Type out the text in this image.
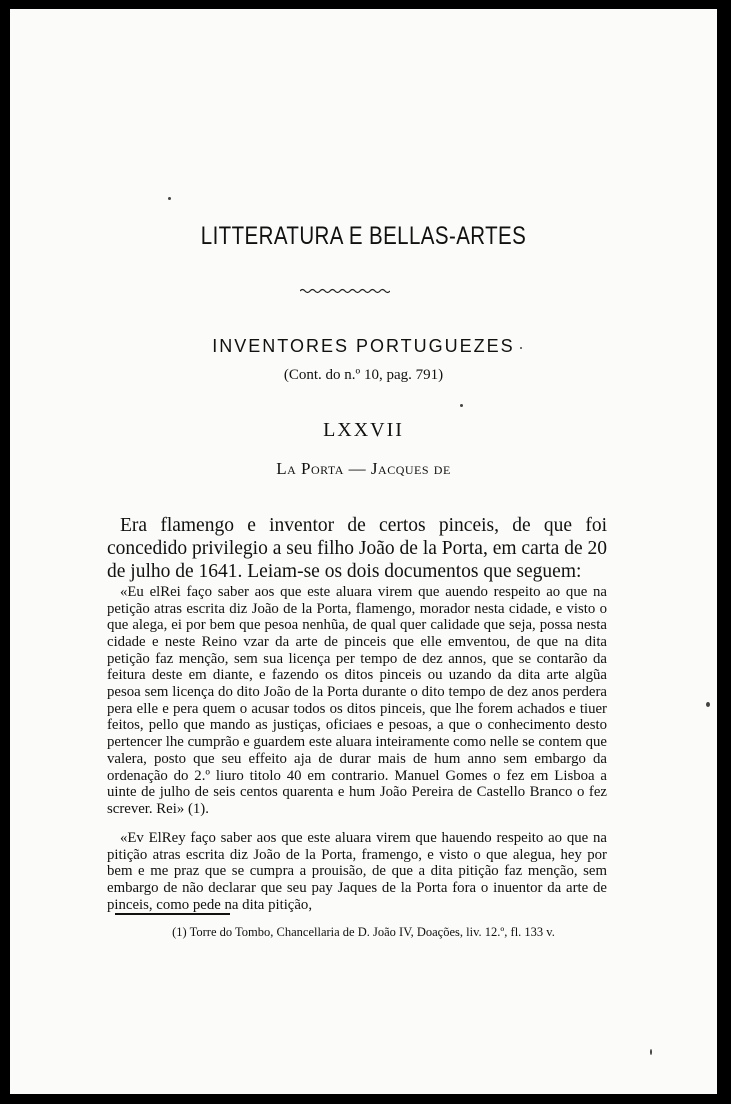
LITTERATURA E BELLAS-ARTES
INVENTORES PORTUGUEZES
(Cont. do n.º 10, pag. 791)
LXXVII
La Porta — Jacques de

Era flamengo e inventor de certos pinceis, de que foi concedido privilegio a seu filho João de la Porta, em carta de 20 de julho de 1641. Leiam-se os dois documentos que seguem:

«Eu elRei faço saber aos que este aluara virem que auendo respeito ao que na petição atras escrita diz João de la Porta, flamengo, morador nesta cidade, e visto o que alega, ei por bem que pesoa nenhũa, de qual quer calidade que seja, possa nesta cidade e neste Reino vzar da arte de pinceis que elle emventou, de que na dita petição faz menção, sem sua licença per tempo de dez annos, que se contarão da feitura deste em diante, e fazendo os ditos pinceis ou uzando da dita arte algũa pesoa sem licença do dito João de la Porta durante o dito tempo de dez anos perdera pera elle e pera quem o acusar todos os ditos pinceis, que lhe forem achados e tiuer feitos, pello que mando as justiças, oficiaes e pesoas, a que o conhecimento desto pertencer lhe cumprão e guardem este aluara inteiramente como nelle se contem que valera, posto que seu effeito aja de durar mais de hum anno sem embargo da ordenação do 2.º liuro titolo 40 em contrario. Manuel Gomes o fez em Lisboa a uinte de julho de seis centos quarenta e hum João Pereira de Castello Branco o fez screver. Rei» (1).

«Ev ElRey faço saber aos que este aluara virem que hauendo respeito ao que na pitição atras escrita diz João de la Porta, framengo, e visto o que alegua, hey por bem e me praz que se cumpra a prouisão, de que a dita pitição faz menção, sem embargo de não declarar que seu pay Jaques de la Porta fora o inuentor da arte de pinceis, como pede na dita pitição,

(1) Torre do Tombo, Chancellaria de D. João IV, Doações, liv. 12.º, fl. 133 v.
